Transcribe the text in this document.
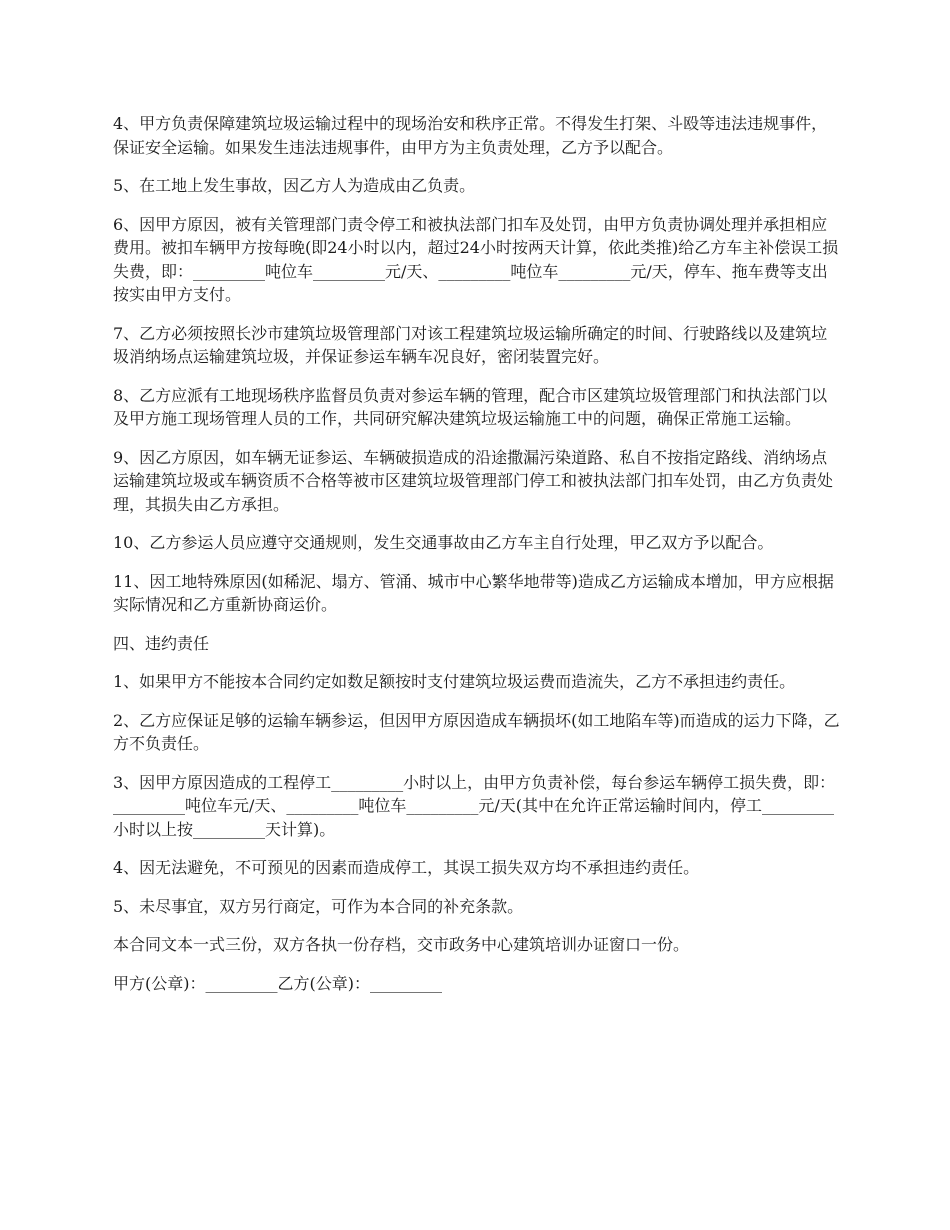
4、甲方负责保障建筑垃圾运输过程中的现场治安和秩序正常。不得发生打架、斗殴等违法违规事件，保证安全运输。如果发生违法违规事件，由甲方为主负责处理，乙方予以配合。

5、在工地上发生事故，因乙方人为造成由乙负责。

6、因甲方原因，被有关管理部门责令停工和被执法部门扣车及处罚，由甲方负责协调处理并承担相应费用。被扣车辆甲方按每晚(即24小时以内，超过24小时按两天计算，依此类推)给乙方车主补偿误工损失费，即：_________吨位车_________元/天、_________吨位车_________元/天，停车、拖车费等支出按实由甲方支付。

7、乙方必须按照长沙市建筑垃圾管理部门对该工程建筑垃圾运输所确定的时间、行驶路线以及建筑垃圾消纳场点运输建筑垃圾，并保证参运车辆车况良好，密闭装置完好。

8、乙方应派有工地现场秩序监督员负责对参运车辆的管理，配合市区建筑垃圾管理部门和执法部门以及甲方施工现场管理人员的工作，共同研究解决建筑垃圾运输施工中的问题，确保正常施工运输。

9、因乙方原因，如车辆无证参运、车辆破损造成的沿途撒漏污染道路、私自不按指定路线、消纳场点运输建筑垃圾或车辆资质不合格等被市区建筑垃圾管理部门停工和被执法部门扣车处罚，由乙方负责处理，其损失由乙方承担。

10、乙方参运人员应遵守交通规则，发生交通事故由乙方车主自行处理，甲乙双方予以配合。

11、因工地特殊原因(如稀泥、塌方、管涌、城市中心繁华地带等)造成乙方运输成本增加，甲方应根据实际情况和乙方重新协商运价。

四、违约责任

1、如果甲方不能按本合同约定如数足额按时支付建筑垃圾运费而造流失，乙方不承担违约责任。

2、乙方应保证足够的运输车辆参运，但因甲方原因造成车辆损坏(如工地陷车等)而造成的运力下降，乙方不负责任。

3、因甲方原因造成的工程停工_________小时以上，由甲方负责补偿，每台参运车辆停工损失费，即：_________吨位车元/天、_________吨位车_________元/天(其中在允许正常运输时间内，停工_________小时以上按_________天计算)。

4、因无法避免，不可预见的因素而造成停工，其误工损失双方均不承担违约责任。

5、未尽事宜，双方另行商定，可作为本合同的补充条款。

本合同文本一式三份，双方各执一份存档，交市政务中心建筑培训办证窗口一份。

甲方(公章)：_________乙方(公章)：_________
